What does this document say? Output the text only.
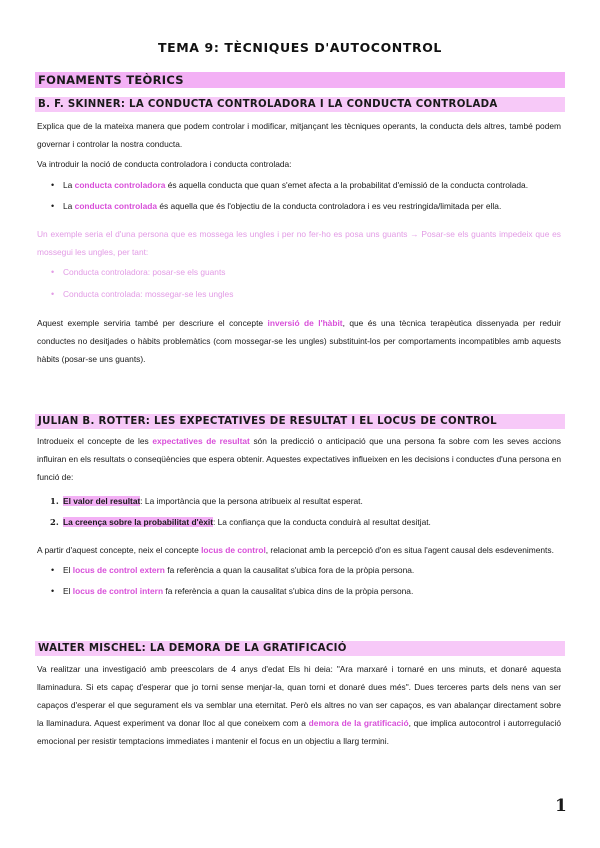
TEMA 9: TÈCNIQUES D'AUTOCONTROL
FONAMENTS TEÒRICS
B. F. SKINNER: LA CONDUCTA CONTROLADORA I LA CONDUCTA CONTROLADA

Explica que de la mateixa manera que podem controlar i modificar, mitjançant les tècniques operants, la conducta dels altres, també podem governar i controlar la nostra conducta.

Va introduir la noció de conducta controladora i conducta controlada:

• La conducta controladora és aquella conducta que quan s'emet afecta a la probabilitat d'emissió de la conducta controlada.

• La conducta controlada és aquella que és l'objectiu de la conducta controladora i es veu restringida/limitada per ella.

Un exemple seria el d'una persona que es mossega les ungles i per no fer-ho es posa uns guants → Posar-se els guants impedeix que es mossegui les ungles, per tant:

• Conducta controladora: posar-se els guants

• Conducta controlada: mossegar-se les ungles

Aquest exemple serviria també per descriure el concepte inversió de l'hàbit, que és una tècnica terapèutica dissenyada per reduir conductes no desitjades o hàbits problemàtics (com mossegar-se les ungles) substituint-los per comportaments incompatibles amb aquests hàbits (posar-se uns guants).

JULIAN B. ROTTER: LES EXPECTATIVES DE RESULTAT I EL LOCUS DE CONTROL

Introdueix el concepte de les expectatives de resultat són la predicció o anticipació que una persona fa sobre com les seves accions influiran en els resultats o conseqüències que espera obtenir. Aquestes expectatives influeixen en les decisions i conductes d'una persona en funció de:

1. El valor del resultat: La importància que la persona atribueix al resultat esperat.

2. La creença sobre la probabilitat d'èxit: La confiança que la conducta conduirà al resultat desitjat.

A partir d'aquest concepte, neix el concepte locus de control, relacionat amb la percepció d'on es situa l'agent causal dels esdeveniments.

• El locus de control extern fa referència a quan la causalitat s'ubica fora de la pròpia persona.

• El locus de control intern fa referència a quan la causalitat s'ubica dins de la pròpia persona.

WALTER MISCHEL: LA DEMORA DE LA GRATIFICACIÓ

Va realitzar una investigació amb preescolars de 4 anys d'edat Els hi deia: "Ara marxaré i tornaré en uns minuts, et donaré aquesta llaminadura. Si ets capaç d'esperar que jo torni sense menjar-la, quan torni et donaré dues més". Dues terceres parts dels nens van ser capaços d'esperar el que segurament els va semblar una eternitat. Però els altres no van ser capaços, es van abalançar directament sobre la llaminadura. Aquest experiment va donar lloc al que coneixem com a demora de la gratificació, que implica autocontrol i autorregulació emocional per resistir temptacions immediates i mantenir el focus en un objectiu a llarg termini.

1
